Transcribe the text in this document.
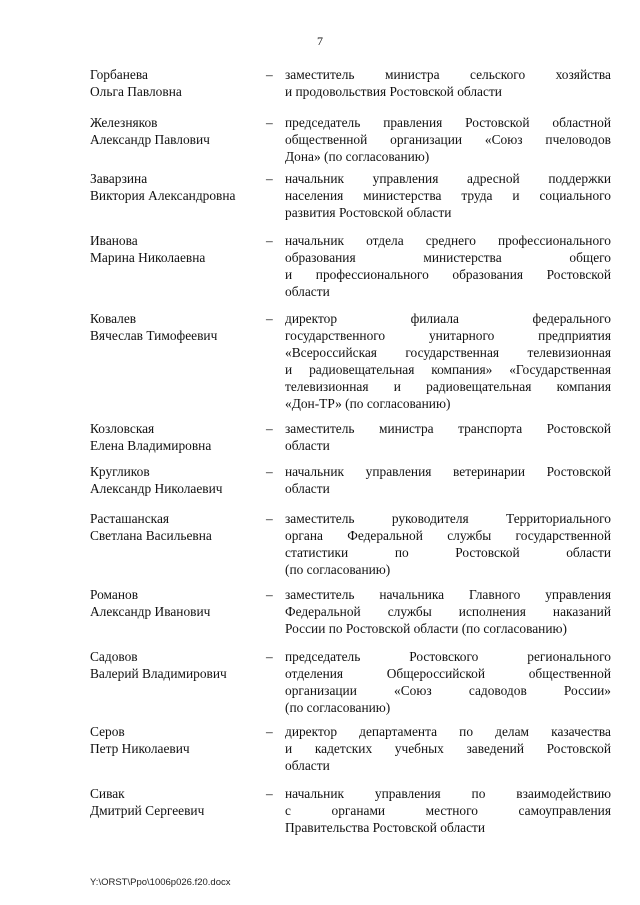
7
Горбанева
Ольга Павловна
– заместитель министра сельского хозяйства
и продовольствия Ростовской области
Железняков
Александр Павлович
– председатель правления Ростовской областной
общественной организации «Союз пчеловодов
Дона» (по согласованию)
Заварзина
Виктория Александровна
– начальник управления адресной поддержки
населения министерства труда и социального
развития Ростовской области
Иванова
Марина Николаевна
– начальник отдела среднего профессионального
образования министерства общего
и профессионального образования Ростовской
области
Ковалев
Вячеслав Тимофеевич
– директор филиала федерального
государственного унитарного предприятия
«Всероссийская государственная телевизионная
и радиовещательная компания» «Государственная
телевизионная и радиовещательная компания
«Дон-ТР» (по согласованию)
Козловская
Елена Владимировна
– заместитель министра транспорта Ростовской
области
Кругликов
Александр Николаевич
– начальник управления ветеринарии Ростовской
области
Расташанская
Светлана Васильевна
– заместитель руководителя Территориального
органа Федеральной службы государственной
статистики по Ростовской области
(по согласованию)
Романов
Александр Иванович
– заместитель начальника Главного управления
Федеральной службы исполнения наказаний
России по Ростовской области (по согласованию)
Садовов
Валерий Владимирович
– председатель Ростовского регионального
отделения Общероссийской общественной
организации «Союз садоводов России»
(по согласованию)
Серов
Петр Николаевич
– директор департамента по делам казачества
и кадетских учебных заведений Ростовской
области
Сивак
Дмитрий Сергеевич
– начальник управления по взаимодействию
с органами местного самоуправления
Правительства Ростовской области
Y:\ORST\Ppo\1006p026.f20.docx
